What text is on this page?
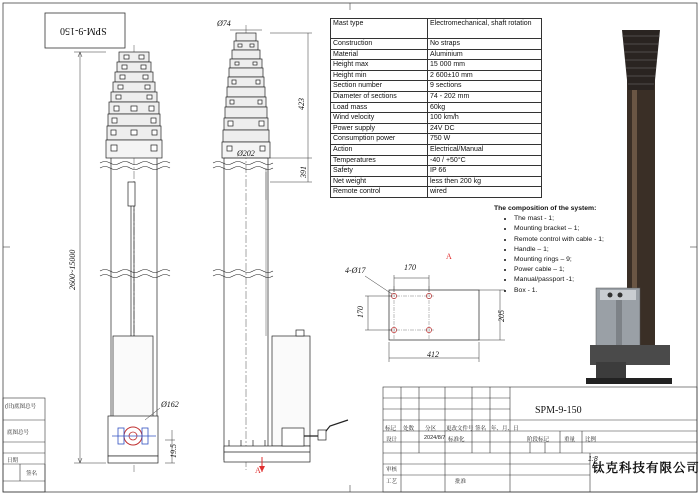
SPM-9-150
Mast type	Electromechanical, shaft rotation
Construction	No straps
Material	Aluminium
Height max	15 000 mm
Height min	2 600±10 mm
Section number	9 sections
Diameter of sections	74 - 202 mm
Load mass	60kg
Wind velocity	100 km/h
Power supply	24V DC
Consumption power	750 W
Action	Electrical/Manual
Temperatures	-40 / +50°C
Safety	IP 66
Net weight	less then 200 kg
Remote control	wired
The composition of the system:
• The mast - 1;
• Mounting bracket – 1;
• Remote control with cable - 1;
• Handle – 1;
• Mounting rings – 9;
• Power cable – 1;
• Manual/passport -1;
• Box - 1.
Ø74
423
391
Ø202
2600~15000
Ø162
19.5
4-Ø17	170
170	205
412
A
A
(旧)底图总号
底图总号
日期
签名
SPM-9-150
标记 处数 分区 更改文件号 签名 年、月、日
设计	2024/8/7 标准化
审核
工艺	批准
阶段标记	重量 比例
1:8
钛克科技有限公司
